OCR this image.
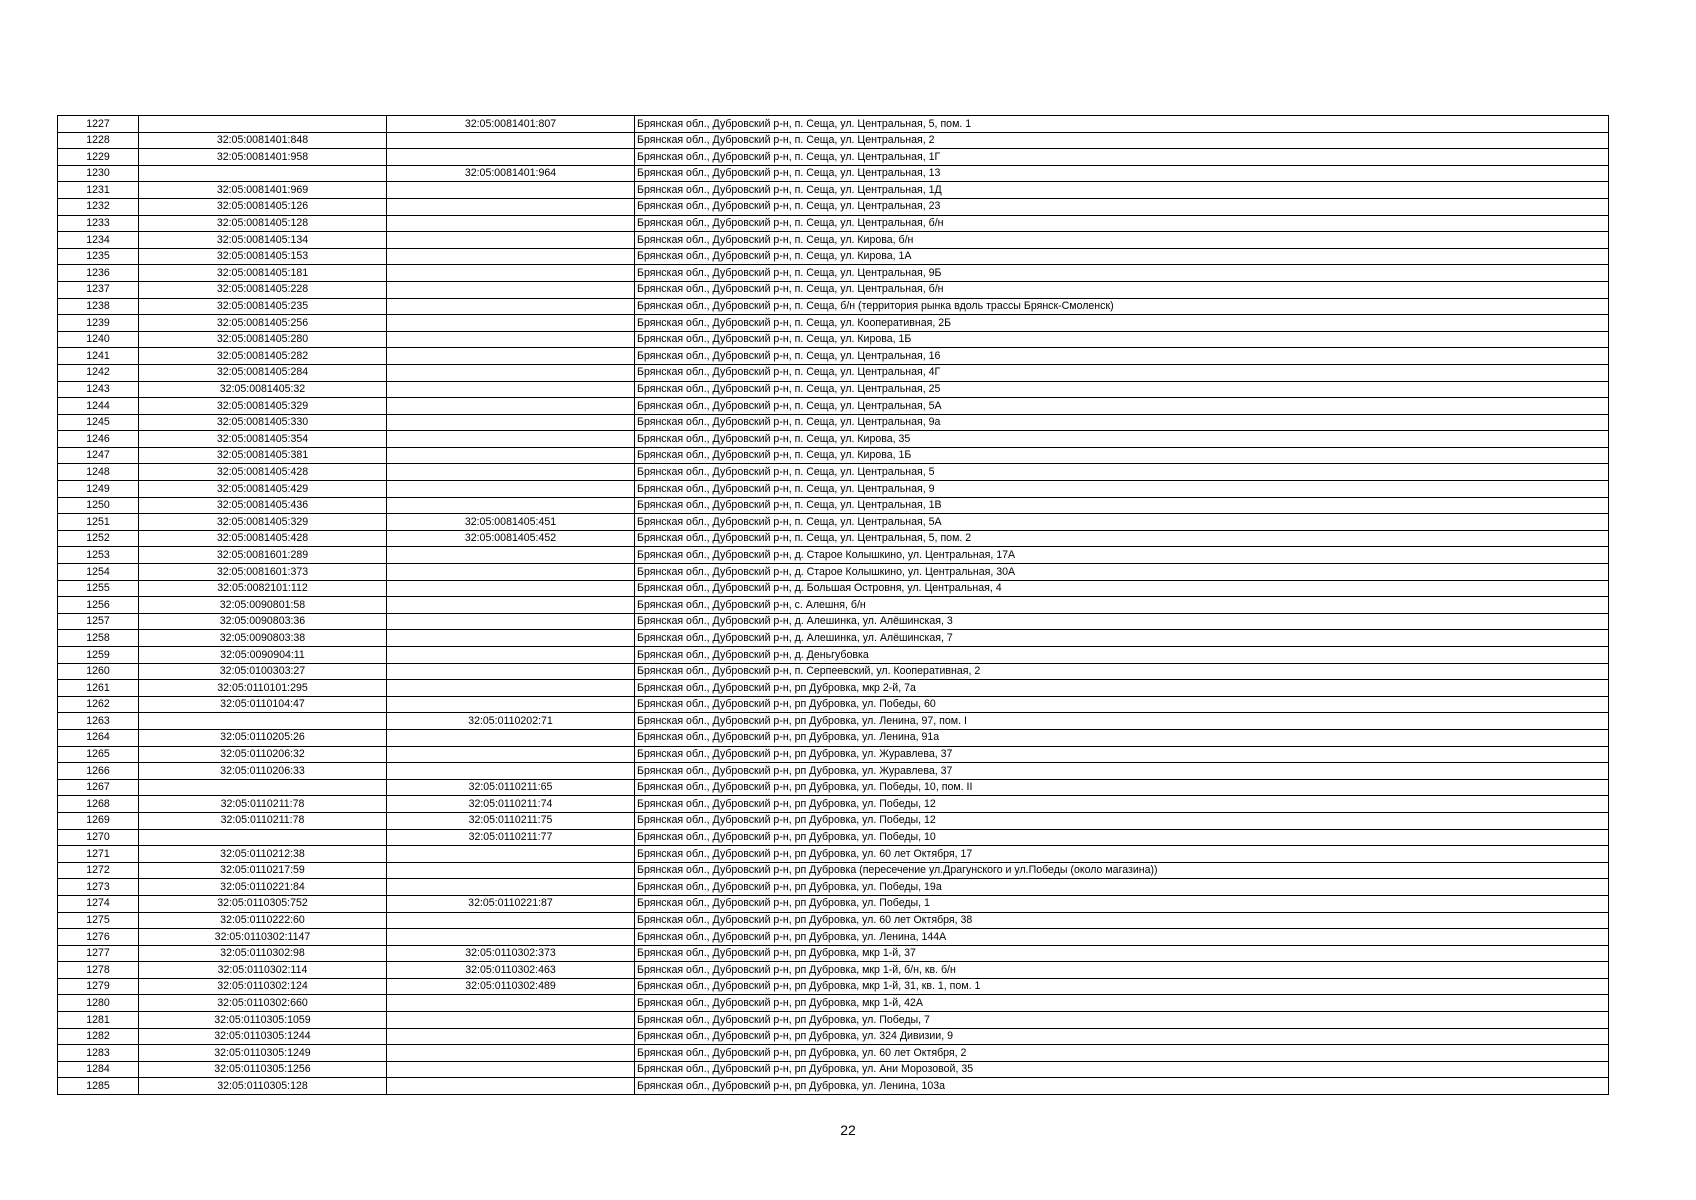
1227		32:05:0081401:807	Брянская обл., Дубровский р-н, п. Сеща, ул. Центральная, 5, пом. 1
1228	32:05:0081401:848		Брянская обл., Дубровский р-н, п. Сеща, ул. Центральная, 2
1229	32:05:0081401:958		Брянская обл., Дубровский р-н, п. Сеща, ул. Центральная, 1Г
1230		32:05:0081401:964	Брянская обл., Дубровский р-н, п. Сеща, ул. Центральная, 13
1231	32:05:0081401:969		Брянская обл., Дубровский р-н, п. Сеща, ул. Центральная, 1Д
1232	32:05:0081405:126		Брянская обл., Дубровский р-н, п. Сеща, ул. Центральная, 23
1233	32:05:0081405:128		Брянская обл., Дубровский р-н, п. Сеща, ул. Центральная, б/н
1234	32:05:0081405:134		Брянская обл., Дубровский р-н, п. Сеща, ул. Кирова, б/н
1235	32:05:0081405:153		Брянская обл., Дубровский р-н, п. Сеща, ул. Кирова, 1А
1236	32:05:0081405:181		Брянская обл., Дубровский р-н, п. Сеща, ул. Центральная, 9Б
1237	32:05:0081405:228		Брянская обл., Дубровский р-н, п. Сеща, ул. Центральная, б/н
1238	32:05:0081405:235		Брянская обл., Дубровский р-н, п. Сеща, б/н (территория рынка вдоль трассы Брянск-Смоленск)
1239	32:05:0081405:256		Брянская обл., Дубровский р-н, п. Сеща, ул. Кооперативная, 2Б
1240	32:05:0081405:280		Брянская обл., Дубровский р-н, п. Сеща, ул. Кирова, 1Б
1241	32:05:0081405:282		Брянская обл., Дубровский р-н, п. Сеща, ул. Центральная, 16
1242	32:05:0081405:284		Брянская обл., Дубровский р-н, п. Сеща, ул. Центральная, 4Г
1243	32:05:0081405:32		Брянская обл., Дубровский р-н, п. Сеща, ул. Центральная, 25
1244	32:05:0081405:329		Брянская обл., Дубровский р-н, п. Сеща, ул. Центральная, 5А
1245	32:05:0081405:330		Брянская обл., Дубровский р-н, п. Сеща, ул. Центральная, 9а
1246	32:05:0081405:354		Брянская обл., Дубровский р-н, п. Сеща, ул. Кирова, 35
1247	32:05:0081405:381		Брянская обл., Дубровский р-н, п. Сеща, ул. Кирова, 1Б
1248	32:05:0081405:428		Брянская обл., Дубровский р-н, п. Сеща, ул. Центральная, 5
1249	32:05:0081405:429		Брянская обл., Дубровский р-н, п. Сеща, ул. Центральная, 9
1250	32:05:0081405:436		Брянская обл., Дубровский р-н, п. Сеща, ул. Центральная, 1В
1251	32:05:0081405:329	32:05:0081405:451	Брянская обл., Дубровский р-н, п. Сеща, ул. Центральная, 5А
1252	32:05:0081405:428	32:05:0081405:452	Брянская обл., Дубровский р-н, п. Сеща, ул. Центральная, 5, пом. 2
1253	32:05:0081601:289		Брянская обл., Дубровский р-н, д. Старое Колышкино, ул. Центральная, 17А
1254	32:05:0081601:373		Брянская обл., Дубровский р-н, д. Старое Колышкино, ул. Центральная, 30А
1255	32:05:0082101:112		Брянская обл., Дубровский р-н, д. Большая Островня, ул. Центральная, 4
1256	32:05:0090801:58		Брянская обл., Дубровский р-н, с. Алешня, б/н
1257	32:05:0090803:36		Брянская обл., Дубровский р-н, д. Алешинка, ул. Алёшинская, 3
1258	32:05:0090803:38		Брянская обл., Дубровский р-н, д. Алешинка, ул. Алёшинская, 7
1259	32:05:0090904:11		Брянская обл., Дубровский р-н, д. Деньгубовка
1260	32:05:0100303:27		Брянская обл., Дубровский р-н, п. Серпеевский, ул. Кооперативная, 2
1261	32:05:0110101:295		Брянская обл., Дубровский р-н, рп Дубровка, мкр 2-й, 7а
1262	32:05:0110104:47		Брянская обл., Дубровский р-н, рп Дубровка, ул. Победы, 60
1263		32:05:0110202:71	Брянская обл., Дубровский р-н, рп Дубровка, ул. Ленина, 97, пом. I
1264	32:05:0110205:26		Брянская обл., Дубровский р-н, рп Дубровка, ул. Ленина, 91а
1265	32:05:0110206:32		Брянская обл., Дубровский р-н, рп Дубровка, ул. Журавлева, 37
1266	32:05:0110206:33		Брянская обл., Дубровский р-н, рп Дубровка, ул. Журавлева, 37
1267		32:05:0110211:65	Брянская обл., Дубровский р-н, рп Дубровка, ул. Победы, 10, пом. II
1268	32:05:0110211:78	32:05:0110211:74	Брянская обл., Дубровский р-н, рп Дубровка, ул. Победы, 12
1269	32:05:0110211:78	32:05:0110211:75	Брянская обл., Дубровский р-н, рп Дубровка, ул. Победы, 12
1270		32:05:0110211:77	Брянская обл., Дубровский р-н, рп Дубровка, ул. Победы, 10
1271	32:05:0110212:38		Брянская обл., Дубровский р-н, рп Дубровка, ул. 60 лет Октября, 17
1272	32:05:0110217:59		Брянская обл., Дубровский р-н, рп Дубровка (пересечение ул.Драгунского и ул.Победы (около магазина))
1273	32:05:0110221:84		Брянская обл., Дубровский р-н, рп Дубровка, ул. Победы, 19а
1274	32:05:0110305:752	32:05:0110221:87	Брянская обл., Дубровский р-н, рп Дубровка, ул. Победы, 1
1275	32:05:0110222:60		Брянская обл., Дубровский р-н, рп Дубровка, ул. 60 лет Октября, 38
1276	32:05:0110302:1147		Брянская обл., Дубровский р-н, рп Дубровка, ул. Ленина, 144А
1277	32:05:0110302:98	32:05:0110302:373	Брянская обл., Дубровский р-н, рп Дубровка, мкр 1-й, 37
1278	32:05:0110302:114	32:05:0110302:463	Брянская обл., Дубровский р-н, рп Дубровка, мкр 1-й, б/н, кв. б/н
1279	32:05:0110302:124	32:05:0110302:489	Брянская обл., Дубровский р-н, рп Дубровка, мкр 1-й, 31, кв. 1, пом. 1
1280	32:05:0110302:660		Брянская обл., Дубровский р-н, рп Дубровка, мкр 1-й, 42А
1281	32:05:0110305:1059		Брянская обл., Дубровский р-н, рп Дубровка, ул. Победы, 7
1282	32:05:0110305:1244		Брянская обл., Дубровский р-н, рп Дубровка, ул. 324 Дивизии, 9
1283	32:05:0110305:1249		Брянская обл., Дубровский р-н, рп Дубровка, ул. 60 лет Октября, 2
1284	32:05:0110305:1256		Брянская обл., Дубровский р-н, рп Дубровка, ул. Ани Морозовой, 35
1285	32:05:0110305:128		Брянская обл., Дубровский р-н, рп Дубровка, ул. Ленина, 103а
22
